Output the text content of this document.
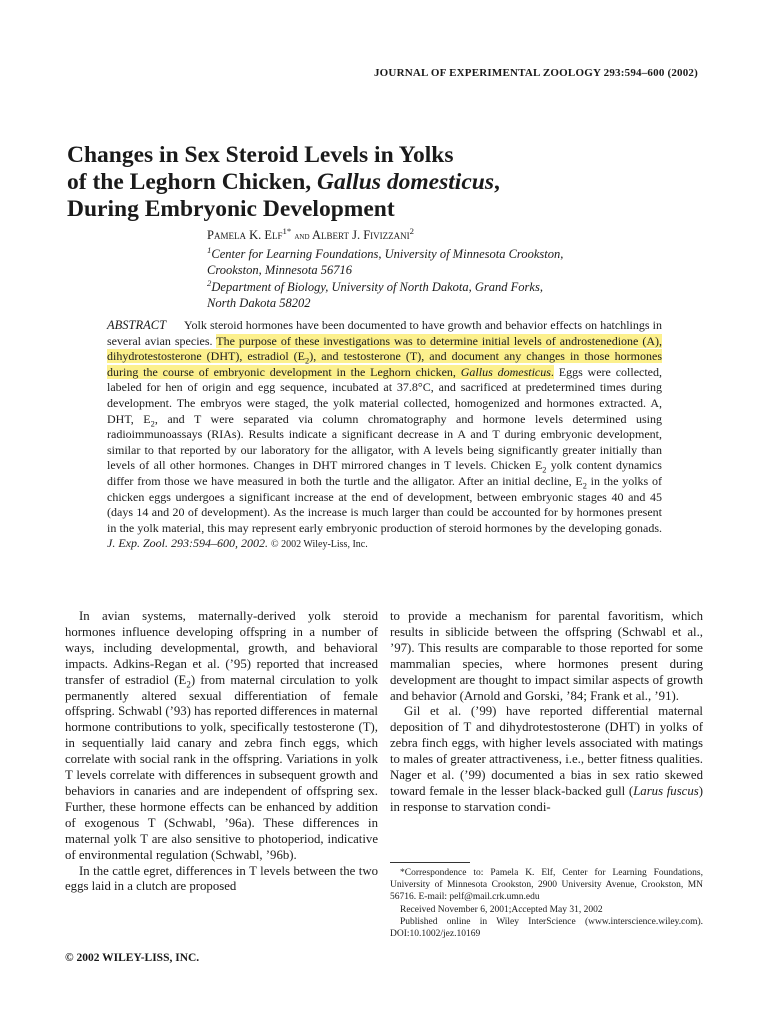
JOURNAL OF EXPERIMENTAL ZOOLOGY 293:594–600 (2002)
Changes in Sex Steroid Levels in Yolks
of the Leghorn Chicken, Gallus domesticus,
During Embryonic Development
Pamela K. Elf$^{1*}$ and Albert J. Fivizzani$^2$
$^1$Center for Learning Foundations, University of Minnesota Crookston,
Crookston, Minnesota 56716
$^2$Department of Biology, University of North Dakota, Grand Forks,
North Dakota 58202

ABSTRACT Yolk steroid hormones have been documented to have growth and behavior effects on hatchlings in several avian species. The purpose of these investigations was to determine initial levels of androstenedione (A), dihydrotestosterone (DHT), estradiol $(E_2)$, and testosterone (T), and document any changes in those hormones during the course of embryonic development in the Leghorn chicken, Gallus domesticus. Eggs were collected, labeled for hen of origin and egg sequence, incubated at 37.8°C, and sacrificed at predetermined times during development. The embryos were staged, the yolk material collected, homogenized and hormones extracted. A, DHT, $E_2$, and T were separated via column chromatography and hormone levels determined using radioimmunoassays (RIAs). Results indicate a significant decrease in A and T during embryonic development, similar to that reported by our laboratory for the alligator, with A levels being significantly greater initially than levels of all other hormones. Changes in DHT mirrored changes in T levels. Chicken $E_2$ yolk content dynamics differ from those we have measured in both the turtle and the alligator. After an initial decline, $E_2$ in the yolks of chicken eggs undergoes a significant increase at the end of development, between embryonic stages 40 and 45 (days 14 and 20 of development). As the increase is much larger than could be accounted for by hormones present in the yolk material, this may represent early embryonic production of steroid hormones by the developing gonads. J. Exp. Zool. 293:594–600, 2002. © 2002 Wiley-Liss, Inc.

In avian systems, maternally-derived yolk steroid hormones influence developing offspring in a number of ways, including developmental, growth, and behavioral impacts. Adkins-Regan et al. (’95) reported that increased transfer of estradiol $(E_2)$ from maternal circulation to yolk permanently altered sexual differentiation of female offspring. Schwabl (’93) has reported differences in maternal hormone contributions to yolk, specifically testosterone (T), in sequentially laid canary and zebra finch eggs, which correlate with social rank in the offspring. Variations in yolk T levels correlate with differences in subsequent growth and behaviors in canaries and are independent of offspring sex. Further, these hormone effects can be enhanced by addition of exogenous T (Schwabl, ’96a). These differences in maternal yolk T are also sensitive to photoperiod, indicative of environmental regulation (Schwabl, ’96b).

In the cattle egret, differences in T levels between the two eggs laid in a clutch are proposed

to provide a mechanism for parental favoritism, which results in siblicide between the offspring (Schwabl et al., ’97). This results are comparable to those reported for some mammalian species, where hormones present during development are thought to impact similar aspects of growth and behavior (Arnold and Gorski, ’84; Frank et al., ’91).

Gil et al. (’99) have reported differential maternal deposition of T and dihydrotestosterone (DHT) in yolks of zebra finch eggs, with higher levels associated with matings to males of greater attractiveness, i.e., better fitness qualities. Nager et al. (’99) documented a bias in sex ratio skewed toward female in the lesser black-backed gull (Larus fuscus) in response to starvation condi-

*Correspondence to: Pamela K. Elf, Center for Learning Foundations, University of Minnesota Crookston, 2900 University Avenue, Crookston, MN 56716. E-mail: pelf@mail.crk.umn.edu

Received November 6, 2001;Accepted May 31, 2002

Published online in Wiley InterScience (www.interscience.wiley.com). DOI:10.1002/jez.10169

© 2002 WILEY-LISS, INC.
